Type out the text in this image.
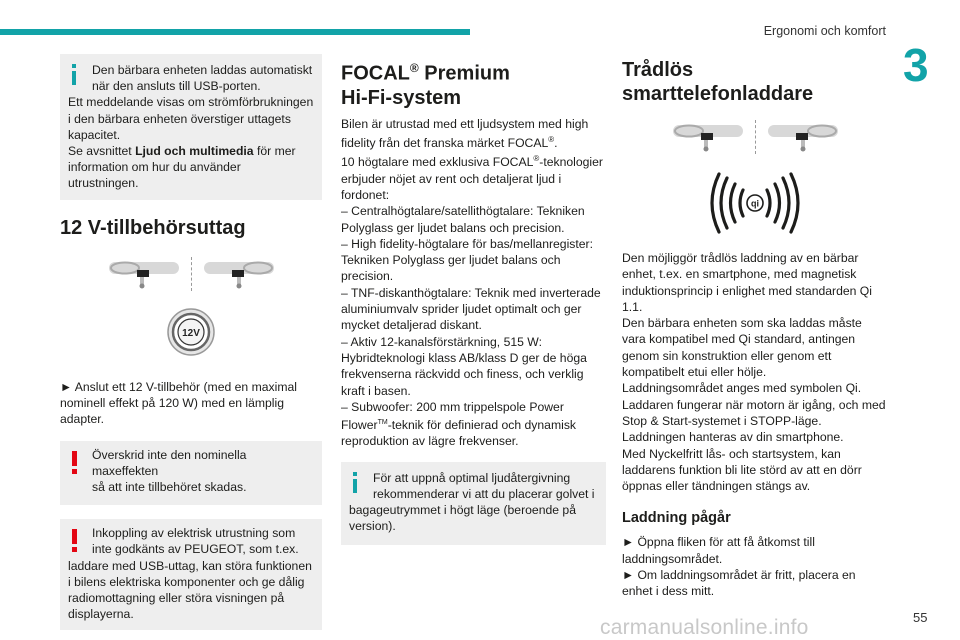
Ergonomi och komfort
3
Den bärbara enheten laddas automatiskt
när den ansluts till USB-porten.
Ett meddelande visas om strömförbrukningen
i den bärbara enheten överstiger uttagets
kapacitet.
Se avsnittet Ljud och multimedia för mer
information om hur du använder utrustningen.
12 V-tillbehörsuttag
12V
► Anslut ett 12 V-tillbehör (med en maximal
nominell effekt på 120 W) med en lämplig
adapter.
Överskrid inte den nominella maxeffekten
så att inte tillbehöret skadas.
Inkoppling av elektrisk utrustning som
inte godkänts av PEUGEOT, som t.ex.
laddare med USB-uttag, kan störa funktionen
i bilens elektriska komponenter och ge dålig
radiomottagning eller störa visningen på
displayerna.
FOCAL® Premium
Hi-Fi-system
Bilen är utrustad med ett ljudsystem med high
fidelity från det franska märket FOCAL®.
10 högtalare med exklusiva FOCAL®-teknologier
erbjuder nöjet av rent och detaljerat ljud i
fordonet:
– Centralhögtalare/satellithögtalare: Tekniken
Polyglass ger ljudet balans och precision.
– High fidelity-högtalare för bas/mellanregister:
Tekniken Polyglass ger ljudet balans och
precision.
– TNF-diskanthögtalare: Teknik med inverterade
aluminiumvalv sprider ljudet optimalt och ger
mycket detaljerad diskant.
– Aktiv 12-kanalsförstärkning, 515 W:
Hybridteknologi klass AB/klass D ger de höga
frekvenserna räckvidd och finess, och verklig
kraft i basen.
– Subwoofer: 200 mm trippelspole Power
Flower™-teknik för definierad och dynamisk
reproduktion av lägre frekvenser.
För att uppnå optimal ljudåtergivning
rekommenderar vi att du placerar golvet i
bagageutrymmet i högt läge (beroende på
version).
Trådlös smarttelefonladdare
qi
Den möjliggör trådlös laddning av en bärbar
enhet, t.ex. en smartphone, med magnetisk
induktionsprincip i enlighet med standarden Qi
1.1.
Den bärbara enheten som ska laddas måste
vara kompatibel med Qi standard, antingen
genom sin konstruktion eller genom ett
kompatibelt etui eller hölje.
Laddningsområdet anges med symbolen Qi.
Laddaren fungerar när motorn är igång, och med
Stop & Start-systemet i STOPP-läge.
Laddningen hanteras av din smartphone.
Med Nyckelfritt lås- och startsystem, kan
laddarens funktion bli lite störd av att en dörr
öppnas eller tändningen stängs av.
Laddning pågår
► Öppna fliken för att få åtkomst till
laddningsområdet.
► Om laddningsområdet är fritt, placera en
enhet i dess mitt.
carmanualsonline.info	55
